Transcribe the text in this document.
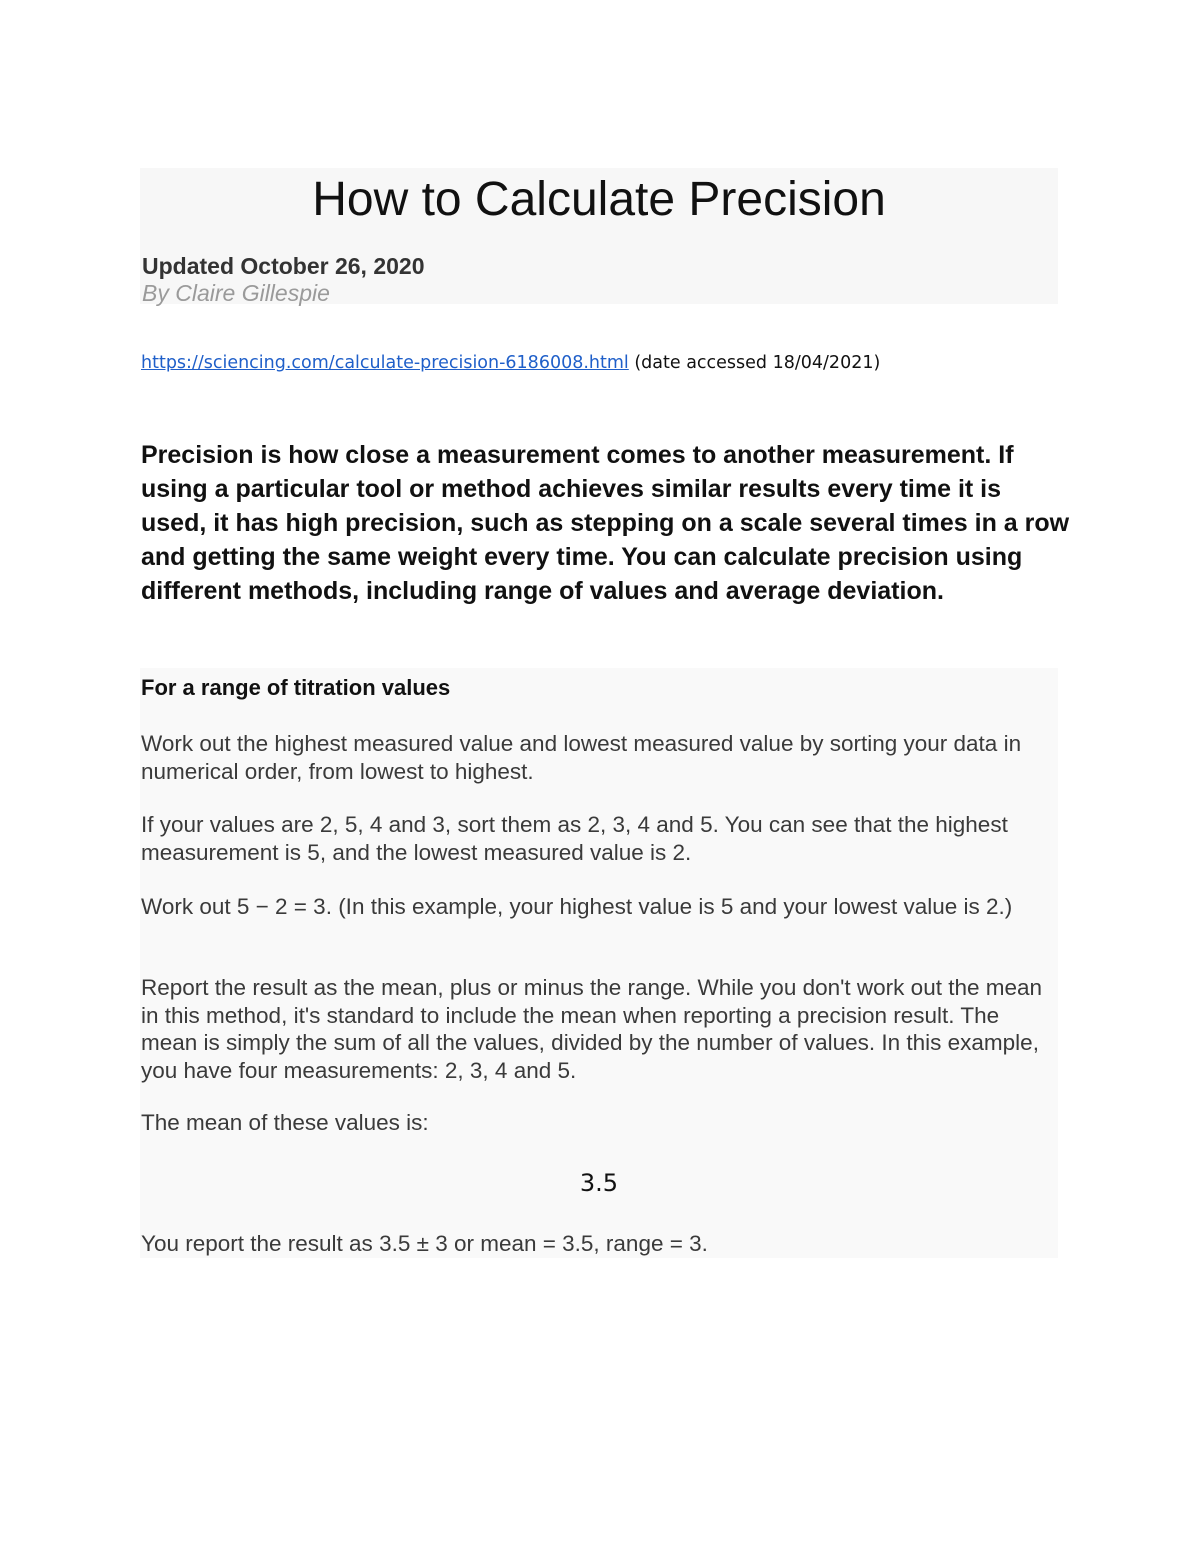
How to Calculate Precision
Updated October 26, 2020
By Claire Gillespie
https://sciencing.com/calculate-precision-6186008.html (date accessed 18/04/2021)

Precision is how close a measurement comes to another measurement. If using a particular tool or method achieves similar results every time it is used, it has high precision, such as stepping on a scale several times in a row and getting the same weight every time. You can calculate precision using different methods, including range of values and average deviation.

For a range of titration values

Work out the highest measured value and lowest measured value by sorting your data in numerical order, from lowest to highest.

If your values are 2, 5, 4 and 3, sort them as 2, 3, 4 and 5. You can see that the highest measurement is 5, and the lowest measured value is 2.

Work out 5 − 2 = 3. (In this example, your highest value is 5 and your lowest value is 2.)

Report the result as the mean, plus or minus the range. While you don't work out the mean in this method, it's standard to include the mean when reporting a precision result. The mean is simply the sum of all the values, divided by the number of values. In this example, you have four measurements: 2, 3, 4 and 5.

The mean of these values is:

3.5

You report the result as 3.5 ± 3 or mean = 3.5, range = 3.
